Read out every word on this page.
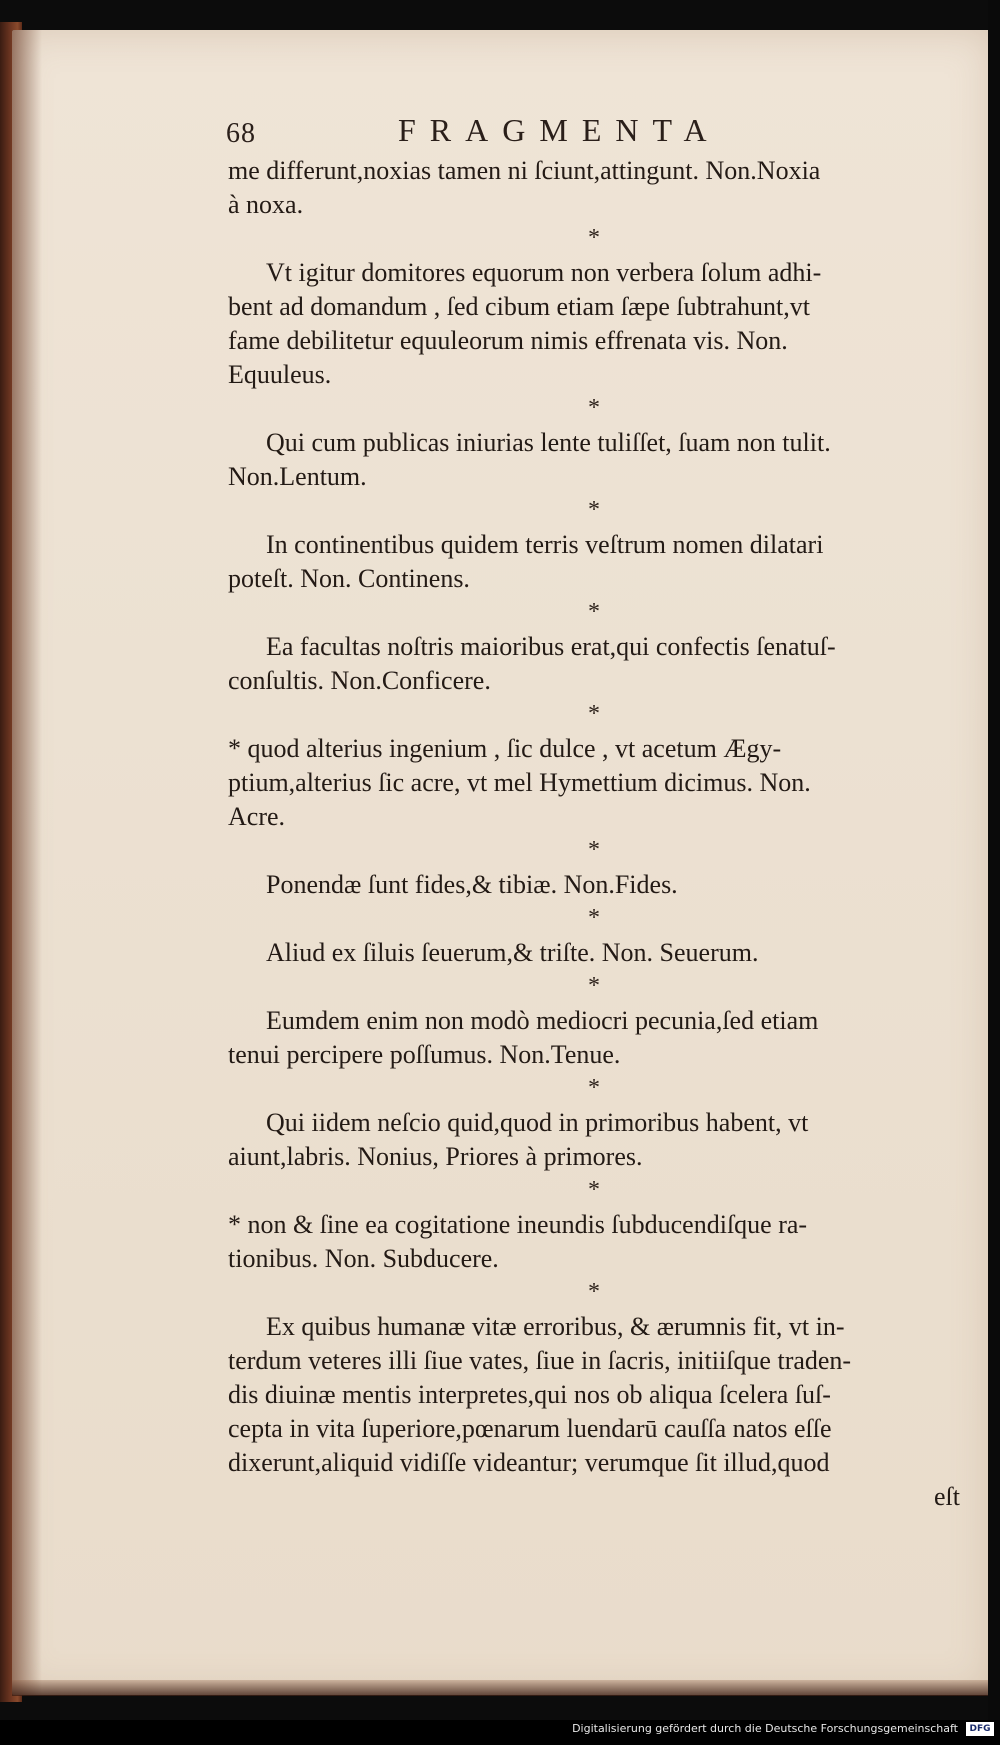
68	FRAGMENTA
me differunt,noxias tamen ni ſciunt,attingunt. Non.Noxia
à noxa.
*
Vt igitur domitores equorum non verbera ſolum adhi-
bent ad domandum , ſed cibum etiam ſæpe ſubtrahunt,vt
fame debilitetur equuleorum nimis effrenata vis. Non.
Equuleus.
*
Qui cum publicas iniurias lente tuliſſet, ſuam non tulit.
Non.Lentum.
*
In continentibus quidem terris veſtrum nomen dilatari
poteſt. Non. Continens.
*
Ea facultas noſtris maioribus erat,qui confectis ſenatuſ-
conſultis. Non.Conficere.
*
* quod alterius ingenium , ſic dulce , vt acetum Ægy-
ptium,alterius ſic acre, vt mel Hymettium dicimus. Non.
Acre.
*
Ponendæ ſunt fides,& tibiæ. Non.Fides.
*
Aliud ex ſiluis ſeuerum,& triſte. Non. Seuerum.
*
Eumdem enim non modò mediocri pecunia,ſed etiam
tenui percipere poſſumus. Non.Tenue.
*
Qui iidem neſcio quid,quod in primoribus habent, vt
aiunt,labris. Nonius, Priores à primores.
*
* non & ſine ea cogitatione ineundis ſubducendiſque ra-
tionibus. Non. Subducere.
*
Ex quibus humanæ vitæ erroribus, & ærumnis fit, vt in-
terdum veteres illi ſiue vates, ſiue in ſacris, initiiſque traden-
dis diuinæ mentis interpretes,qui nos ob aliqua ſcelera ſuſ-
cepta in vita ſuperiore,pœnarum luendarū cauſſa natos eſſe
dixerunt,aliquid vidiſſe videantur; verumque ſit illud,quod
eſt
Digitalisierung gefördert durch die Deutsche Forschungsgemeinschaft	DFG
